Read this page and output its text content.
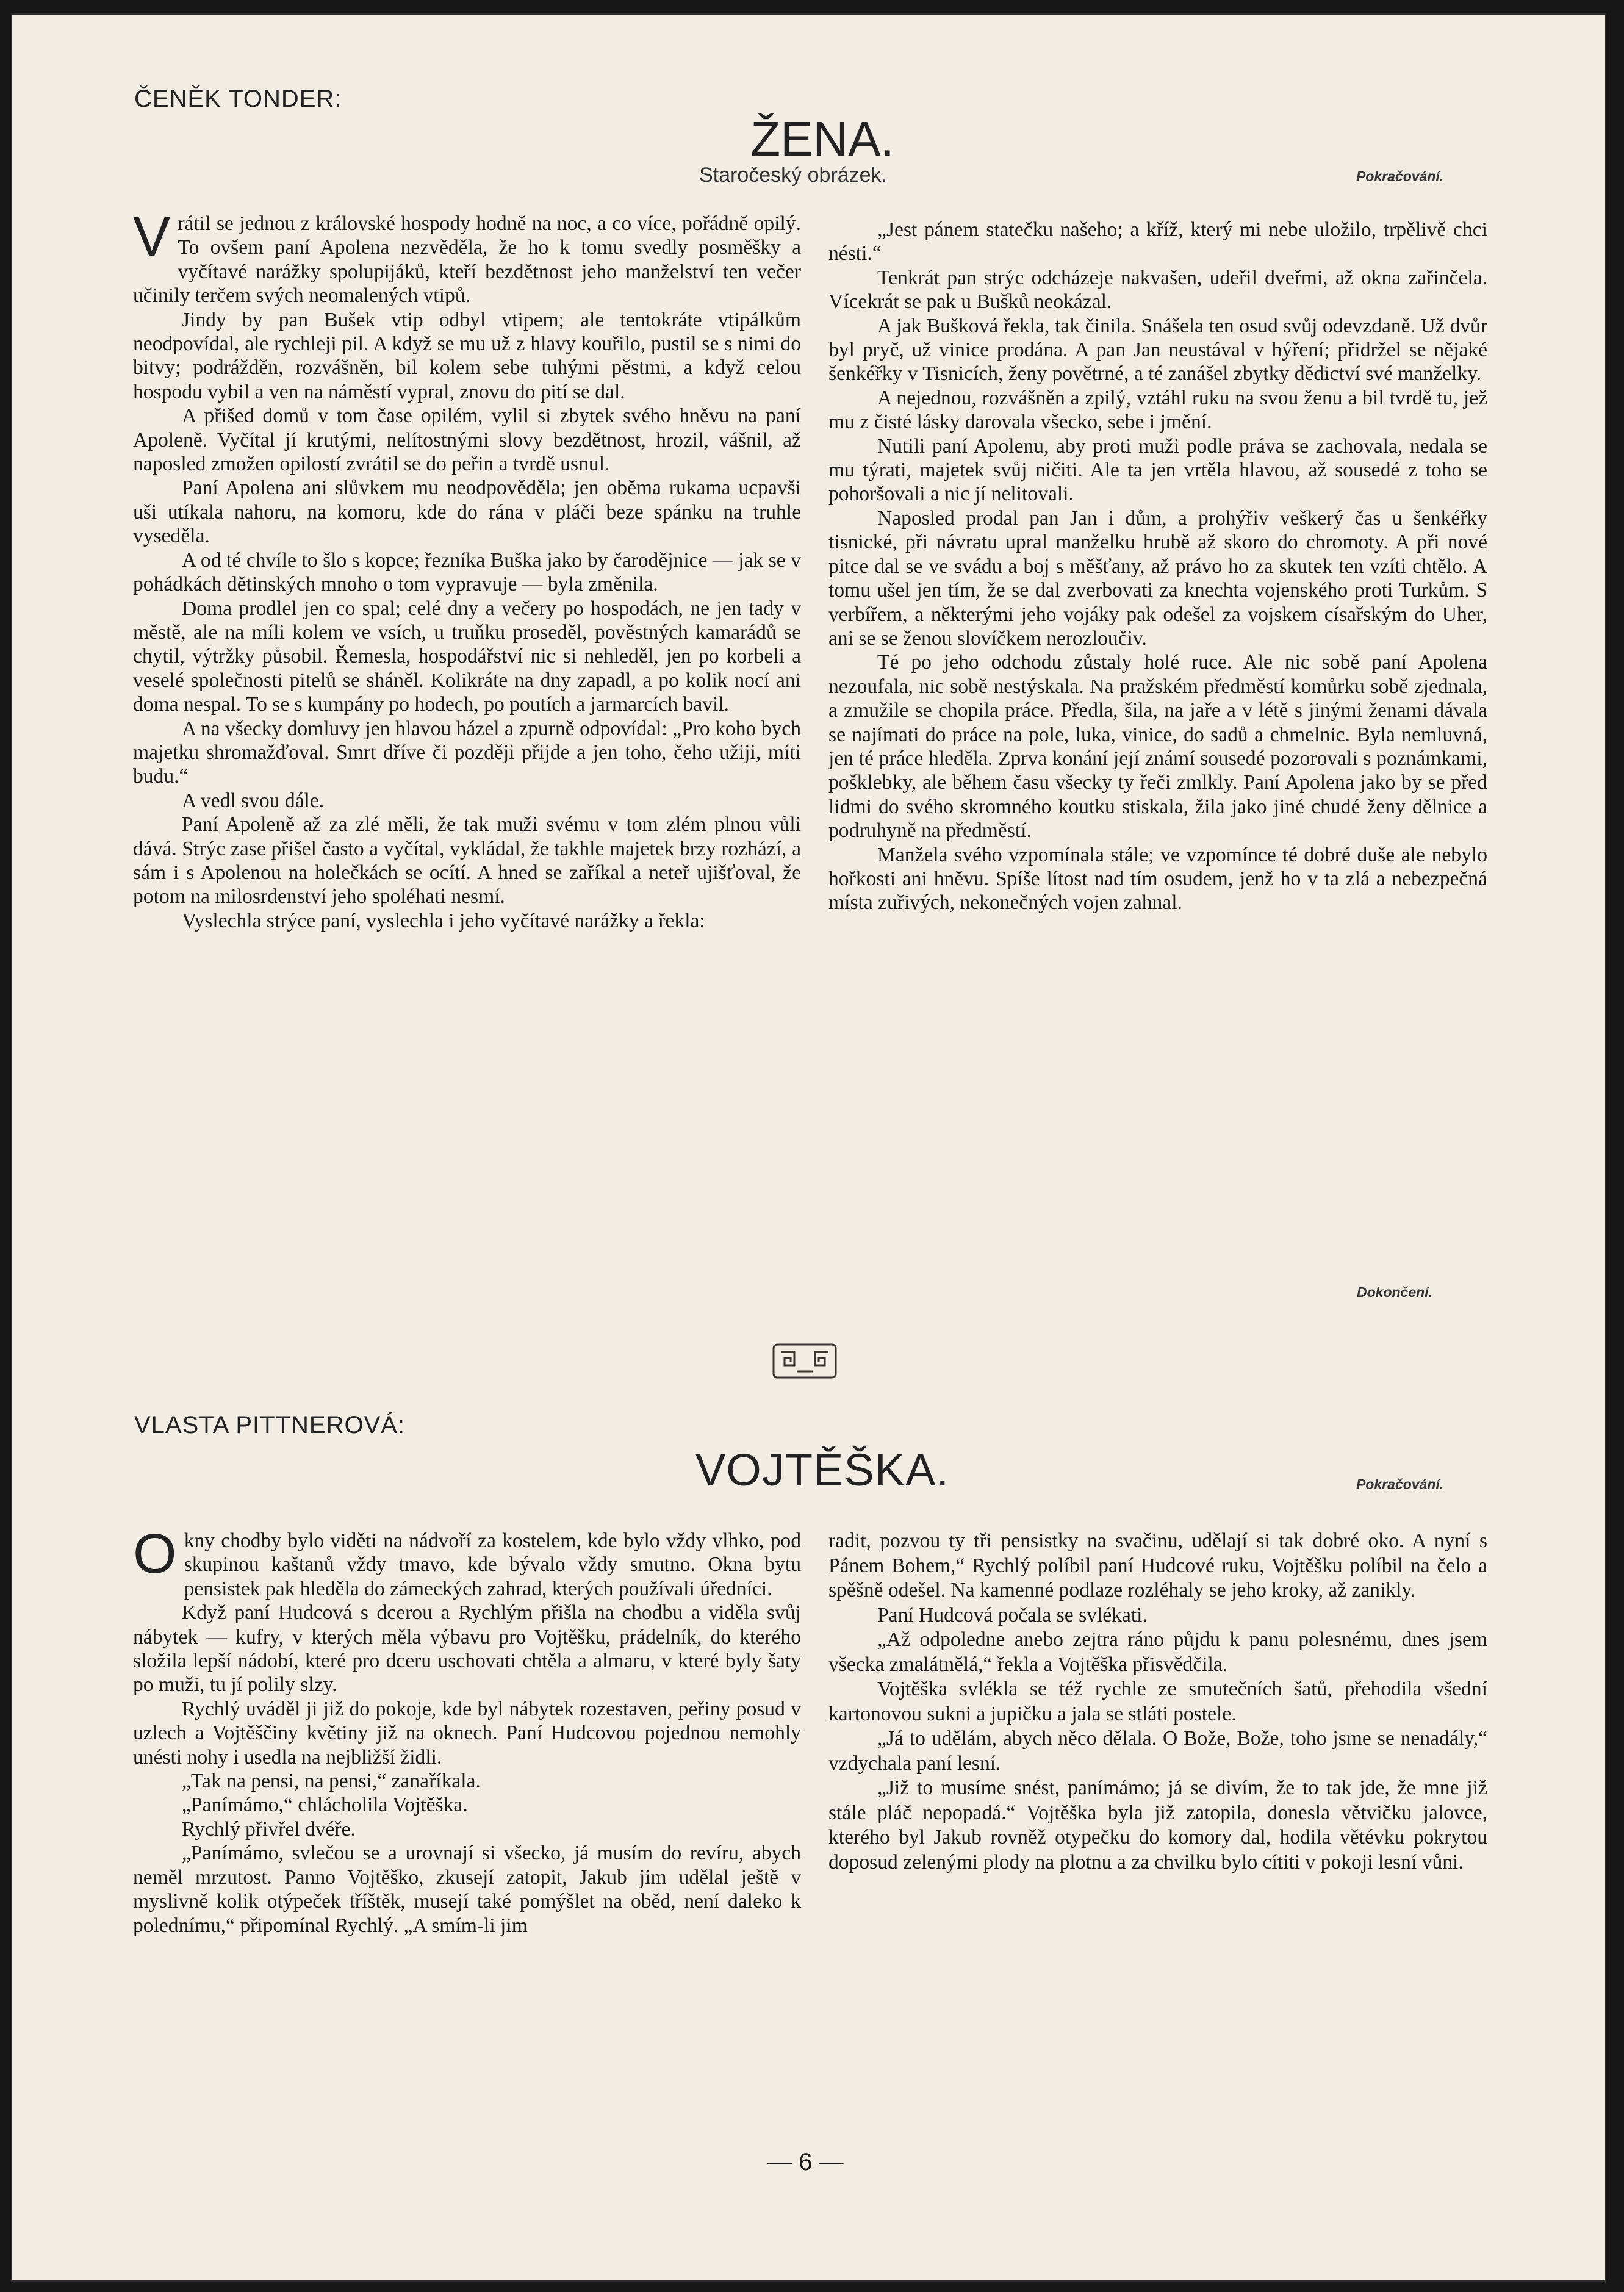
ČENĚK TONDER:
ŽENA.
Staročeský obrázek.	Pokračování.

Vrátil se jednou z královské hospody hodně na noc, a co více, pořádně opilý. To ovšem paní Apolena nezvěděla, že ho k tomu svedly posměšky a vyčítavé narážky spolupijáků, kteří bezdětnost jeho manželství ten večer učinily terčem svých neomalených vtipů.

Jindy by pan Bušek vtip odbyl vtipem; ale tentokráte vtipálkům neodpovídal, ale rychleji pil. A když se mu už z hlavy kouřilo, pustil se s nimi do bitvy; podrážděn, rozvášněn, bil kolem sebe tuhými pěstmi, a když celou hospodu vybil a ven na náměstí vypral, znovu do pití se dal.

A přišed domů v tom čase opilém, vylil si zbytek svého hněvu na paní Apoleně. Vyčítal jí krutými, nelítostnými slovy bezdětnost, hrozil, vášnil, až naposled zmožen opilostí zvrátil se do peřin a tvrdě usnul.

Paní Apolena ani slůvkem mu neodpověděla; jen oběma rukama ucpavši uši utíkala nahoru, na komoru, kde do rána v pláči beze spánku na truhle vyseděla.

A od té chvíle to šlo s kopce; řezníka Buška jako by čarodějnice — jak se v pohádkách dětinských mnoho o tom vypravuje — byla změnila.

Doma prodlel jen co spal; celé dny a večery po hospodách, ne jen tady v městě, ale na míli kolem ve vsích, u truňku proseděl, pověstných kamarádů se chytil, výtržky působil. Řemesla, hospodářství nic si nehleděl, jen po korbeli a veselé společnosti pitelů se sháněl. Kolikráte na dny zapadl, a po kolik nocí ani doma nespal. To se s kumpány po hodech, po poutích a jarmarcích bavil.

A na všecky domluvy jen hlavou házel a zpurně odpovídal: „Pro koho bych majetku shromažďoval. Smrt dříve či později přijde a jen toho, čeho užiji, míti budu.“

A vedl svou dále.

Paní Apoleně až za zlé měli, že tak muži svému v tom zlém plnou vůli dává. Strýc zase přišel často a vyčítal, vykládal, že takhle majetek brzy rozhází, a sám i s Apolenou na holečkách se ocítí. A hned se zaříkal a neteř ujišťoval, že potom na milosrdenství jeho spoléhati nesmí.

Vyslechla strýce paní, vyslechla i jeho vyčítavé narážky a řekla:

„Jest pánem statečku našeho; a kříž, který mi nebe uložilo, trpělivě chci nésti.“

Tenkrát pan strýc odcházeje nakvašen, udeřil dveřmi, až okna zařinčela. Vícekrát se pak u Bušků neokázal.

A jak Bušková řekla, tak činila. Snášela ten osud svůj odevzdaně. Už dvůr byl pryč, už vinice prodána. A pan Jan neustával v hýření; přidržel se nějaké šenkéřky v Tisnicích, ženy povětrné, a té zanášel zbytky dědictví své manželky.

A nejednou, rozvášněn a zpilý, vztáhl ruku na svou ženu a bil tvrdě tu, jež mu z čisté lásky darovala všecko, sebe i jmění.

Nutili paní Apolenu, aby proti muži podle práva se zachovala, nedala se mu týrati, majetek svůj ničiti. Ale ta jen vrtěla hlavou, až sousedé z toho se pohoršovali a nic jí nelitovali.

Naposled prodal pan Jan i dům, a prohýřiv veškerý čas u šenkéřky tisnické, při návratu upral manželku hrubě až skoro do chromoty. A při nové pitce dal se ve svádu a boj s měšťany, až právo ho za skutek ten vzíti chtělo. A tomu ušel jen tím, že se dal zverbovati za knechta vojenského proti Turkům. S verbířem, a některými jeho vojáky pak odešel za vojskem císařským do Uher, ani se se ženou slovíčkem nerozloučiv.

Té po jeho odchodu zůstaly holé ruce. Ale nic sobě paní Apolena nezoufala, nic sobě nestýskala. Na pražském předměstí komůrku sobě zjednala, a zmužile se chopila práce. Předla, šila, na jaře a v létě s jinými ženami dávala se najímati do práce na pole, luka, vinice, do sadů a chmelnic. Byla nemluvná, jen té práce hleděla. Zprva konání její známí sousedé pozorovali s poznámkami, pošklebky, ale během času všecky ty řeči zmlkly. Paní Apolena jako by se před lidmi do svého skromného koutku stiskala, žila jako jiné chudé ženy dělnice a podruhyně na předměstí.

Manžela svého vzpomínala stále; ve vzpomínce té dobré duše ale nebylo hořkosti ani hněvu. Spíše lítost nad tím osudem, jenž ho v ta zlá a nebezpečná místa zuřivých, nekonečných vojen zahnal.

Dokončení.
VLASTA PITTNEROVÁ:
VOJTĚŠKA.	Pokračování.

Okny chodby bylo viděti na nádvoří za kostelem, kde bylo vždy vlhko, pod skupinou kaštanů vždy tmavo, kde bývalo vždy smutno. Okna bytu pensistek pak hleděla do zámeckých zahrad, kterých používali úředníci.

Když paní Hudcová s dcerou a Rychlým přišla na chodbu a viděla svůj nábytek — kufry, v kterých měla výbavu pro Vojtěšku, prádelník, do kterého složila lepší nádobí, které pro dceru uschovati chtěla a almaru, v které byly šaty po muži, tu jí polily slzy.

Rychlý uváděl ji již do pokoje, kde byl nábytek rozestaven, peřiny posud v uzlech a Vojtěščiny květiny již na oknech. Paní Hudcovou pojednou nemohly unésti nohy i usedla na nejbližší židli.

„Tak na pensi, na pensi,“ zanaříkala.

„Panímámo,“ chlácholila Vojtěška.

Rychlý přivřel dvéře.

„Panímámo, svlečou se a urovnají si všecko, já musím do revíru, abych neměl mrzutost. Panno Vojtěško, zkusejí zatopit, Jakub jim udělal ještě v myslivně kolik otýpeček tříštěk, musejí také pomýšlet na oběd, není daleko k polednímu,“ připomínal Rychlý. „A smím-li jim

radit, pozvou ty tři pensistky na svačinu, udělají si tak dobré oko. A nyní s Pánem Bohem,“ Rychlý políbil paní Hudcové ruku, Vojtěšku políbil na čelo a spěšně odešel. Na kamenné podlaze rozléhaly se jeho kroky, až zanikly.

Paní Hudcová počala se svlékati.

„Až odpoledne anebo zejtra ráno půjdu k panu polesnému, dnes jsem všecka zmalátnělá,“ řekla a Vojtěška přisvědčila.

Vojtěška svlékla se též rychle ze smutečních šatů, přehodila všední kartonovou sukni a jupičku a jala se stláti postele.

„Já to udělám, abych něco dělala. O Bože, Bože, toho jsme se nenadály,“ vzdychala paní lesní.

„Již to musíme snést, panímámo; já se divím, že to tak jde, že mne již stále pláč nepopadá.“ Vojtěška byla již zatopila, donesla větvičku jalovce, kterého byl Jakub rovněž otypečku do komory dal, hodila větévku pokrytou doposud zelenými plody na plotnu a za chvilku bylo cítiti v pokoji lesní vůni.

— 6 —
